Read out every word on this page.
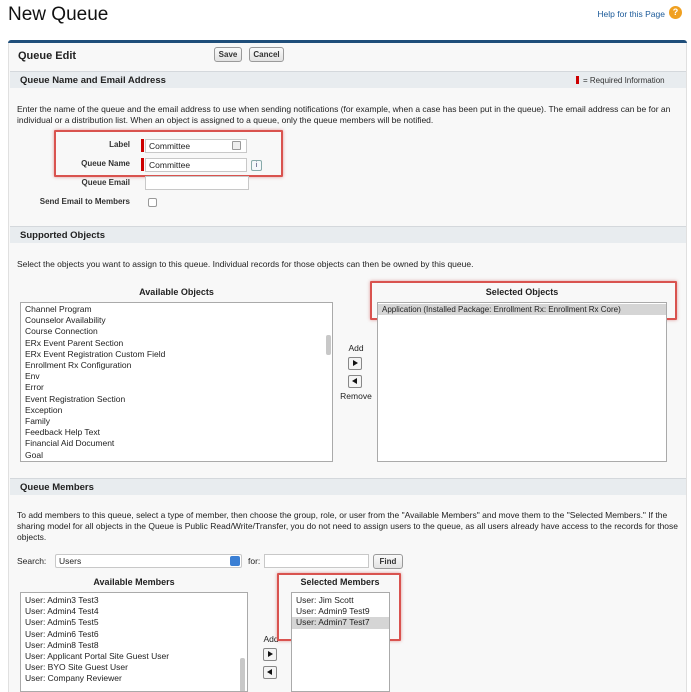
New Queue	Help for this Page ?
Queue Edit	Save	Cancel
Queue Name and Email Address	= Required Information
Enter the name of the queue and the email address to use when sending notifications (for example, when a case has been put in the queue). The email address can be for an individual or a distribution list. When an object is assigned to a queue, only the queue members will be notified.
Label	Committee
Queue Name	Committee	i
Queue Email
Send Email to Members
Supported Objects
Select the objects you want to assign to this queue. Individual records for those objects can then be owned by this queue.
Available Objects
Channel Program
Counselor Availability
Course Connection
ERx Event Parent Section
ERx Event Registration Custom Field
Enrollment Rx Configuration
Env
Error
Event Registration Section
Exception
Family
Feedback Help Text
Financial Aid Document
Goal
Add
Remove
Selected Objects
Application (Installed Package: Enrollment Rx: Enrollment Rx Core)
Queue Members
To add members to this queue, select a type of member, then choose the group, role, or user from the "Available Members" and move them to the "Selected Members." If the sharing model for all objects in the Queue is Public Read/Write/Transfer, you do not need to assign users to the queue, as all users already have access to the records for those objects.
Search:	Users	for:	Find
Available Members
User: Admin3 Test3
User: Admin4 Test4
User: Admin5 Test5
User: Admin6 Test6
User: Admin8 Test8
User: Applicant Portal Site Guest User
User: BYO Site Guest User
User: Company Reviewer
Add
Selected Members
User: Jim Scott
User: Admin9 Test9
User: Admin7 Test7
